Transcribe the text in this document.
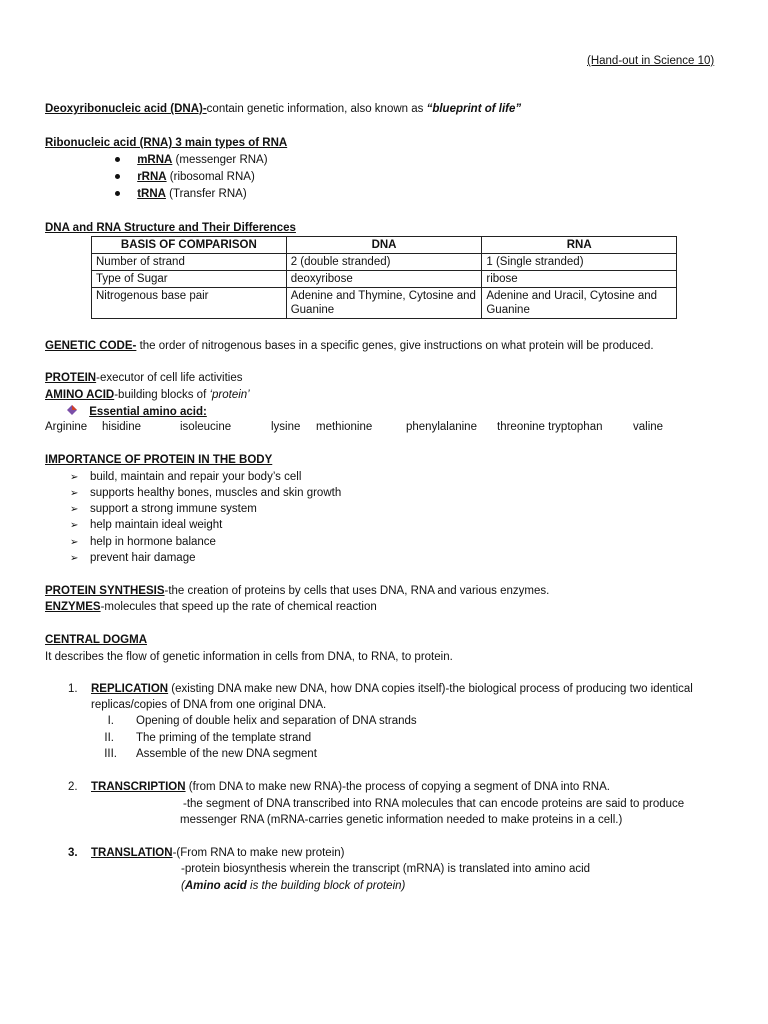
(Hand-out in Science 10)
Deoxyribonucleic acid (DNA)-contain genetic information, also known as “blueprint of life”
Ribonucleic acid (RNA) 3 main types of RNA
mRNA (messenger RNA)
rRNA (ribosomal RNA)
tRNA (Transfer RNA)
DNA and RNA Structure and Their Differences
BASIS OF COMPARISON	DNA	RNA
Number of strand	2 (double stranded)	1 (Single stranded)
Type of Sugar	deoxyribose	ribose
Nitrogenous base pair	Adenine and Thymine, Cytosine and Guanine	Adenine and Uracil, Cytosine and Guanine
GENETIC CODE- the order of nitrogenous bases in a specific genes, give instructions on what protein will be produced.
PROTEIN-executor of cell life activities
AMINO ACID-building blocks of ‘protein’
Essential amino acid:
Arginine hisidine	isoleucine	lysine methionine	phenylalanine threonine tryptophan	valine
IMPORTANCE OF PROTEIN IN THE BODY
➢ build, maintain and repair your body’s cell
➢ supports healthy bones, muscles and skin growth
➢ support a strong immune system
➢ help maintain ideal weight
➢ help in hormone balance
➢ prevent hair damage
PROTEIN SYNTHESIS-the creation of proteins by cells that uses DNA, RNA and various enzymes.
ENZYMES-molecules that speed up the rate of chemical reaction
CENTRAL DOGMA
It describes the flow of genetic information in cells from DNA, to RNA, to protein.
1. REPLICATION (existing DNA make new DNA, how DNA copies itself)-the biological process of producing two identical
replicas/copies of DNA from one original DNA.
I. Opening of double helix and separation of DNA strands
II. The priming of the template strand
III. Assemble of the new DNA segment
2. TRANSCRIPTION (from DNA to make new RNA)-the process of copying a segment of DNA into RNA.
-the segment of DNA transcribed into RNA molecules that can encode proteins are said to produce
messenger RNA (mRNA-carries genetic information needed to make proteins in a cell.)
3. TRANSLATION-(From RNA to make new protein)
-protein biosynthesis wherein the transcript (mRNA) is translated into amino acid
(Amino acid is the building block of protein)
